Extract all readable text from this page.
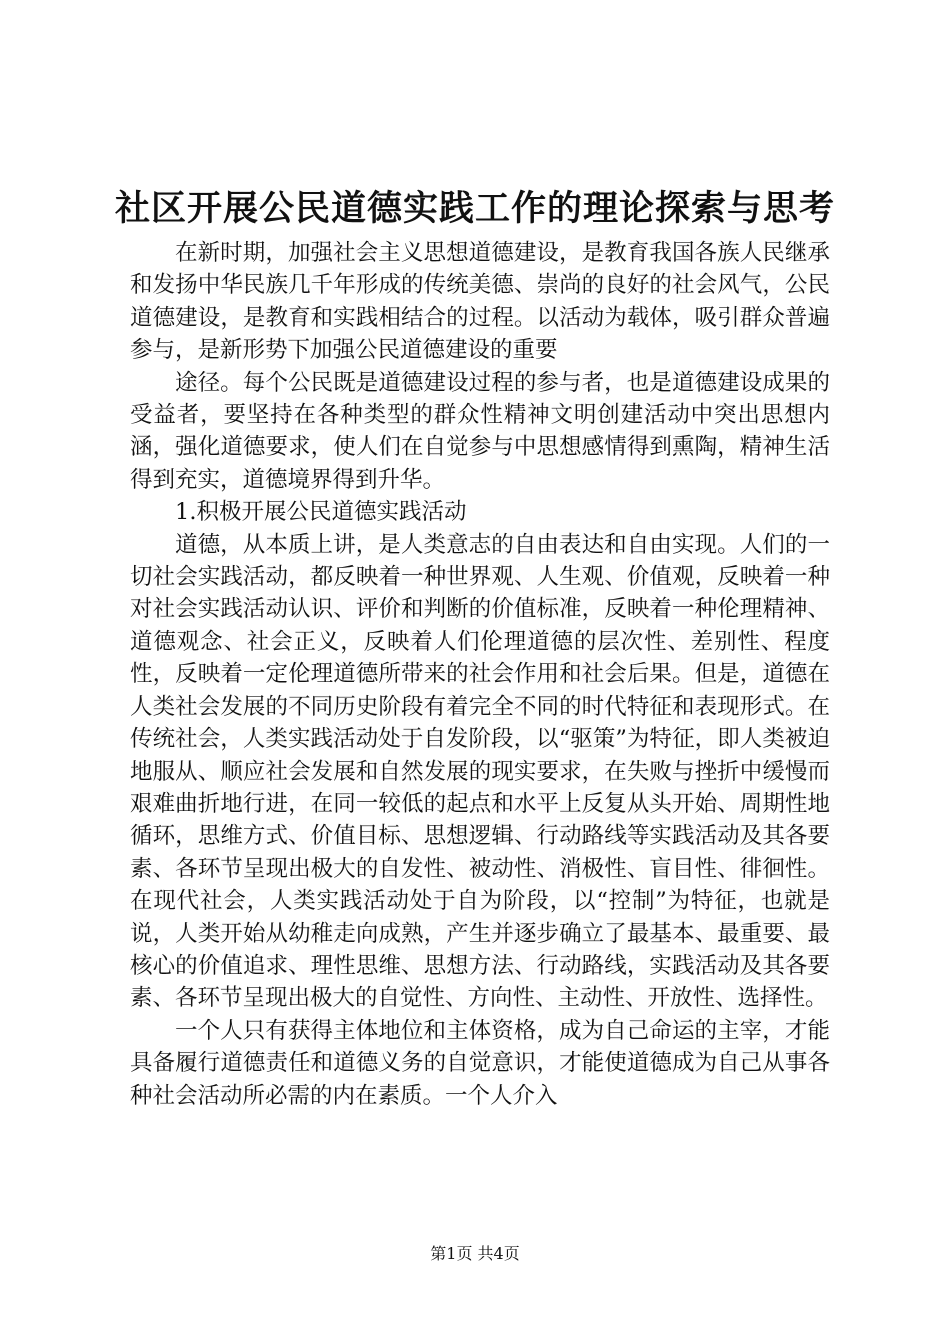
社区开展公民道德实践工作的理论探索与思考

在新时期，加强社会主义思想道德建设，是教育我国各族人民继承和发扬中华民族几千年形成的传统美德、崇尚的良好的社会风气，公民道德建设，是教育和实践相结合的过程。以活动为载体，吸引群众普遍参与，是新形势下加强公民道德建设的重要

途径。每个公民既是道德建设过程的参与者，也是道德建设成果的受益者，要坚持在各种类型的群众性精神文明创建活动中突出思想内涵，强化道德要求，使人们在自觉参与中思想感情得到熏陶，精神生活得到充实，道德境界得到升华。

1.积极开展公民道德实践活动

道德，从本质上讲，是人类意志的自由表达和自由实现。人们的一切社会实践活动，都反映着一种世界观、人生观、价值观，反映着一种对社会实践活动认识、评价和判断的价值标准，反映着一种伦理精神、道德观念、社会正义，反映着人们伦理道德的层次性、差别性、程度性，反映着一定伦理道德所带来的社会作用和社会后果。但是，道德在人类社会发展的不同历史阶段有着完全不同的时代特征和表现形式。在传统社会，人类实践活动处于自发阶段，以“驱策”为特征，即人类被迫地服从、顺应社会发展和自然发展的现实要求，在失败与挫折中缓慢而艰难曲折地行进，在同一较低的起点和水平上反复从头开始、周期性地循环，思维方式、价值目标、思想逻辑、行动路线等实践活动及其各要素、各环节呈现出极大的自发性、被动性、消极性、盲目性、徘徊性。在现代社会，人类实践活动处于自为阶段，以“控制”为特征，也就是说，人类开始从幼稚走向成熟，产生并逐步确立了最基本、最重要、最核心的价值追求、理性思维、思想方法、行动路线，实践活动及其各要素、各环节呈现出极大的自觉性、方向性、主动性、开放性、选择性。

一个人只有获得主体地位和主体资格，成为自己命运的主宰，才能具备履行道德责任和道德义务的自觉意识，才能使道德成为自己从事各种社会活动所必需的内在素质。一个人介入

第1页 共4页
